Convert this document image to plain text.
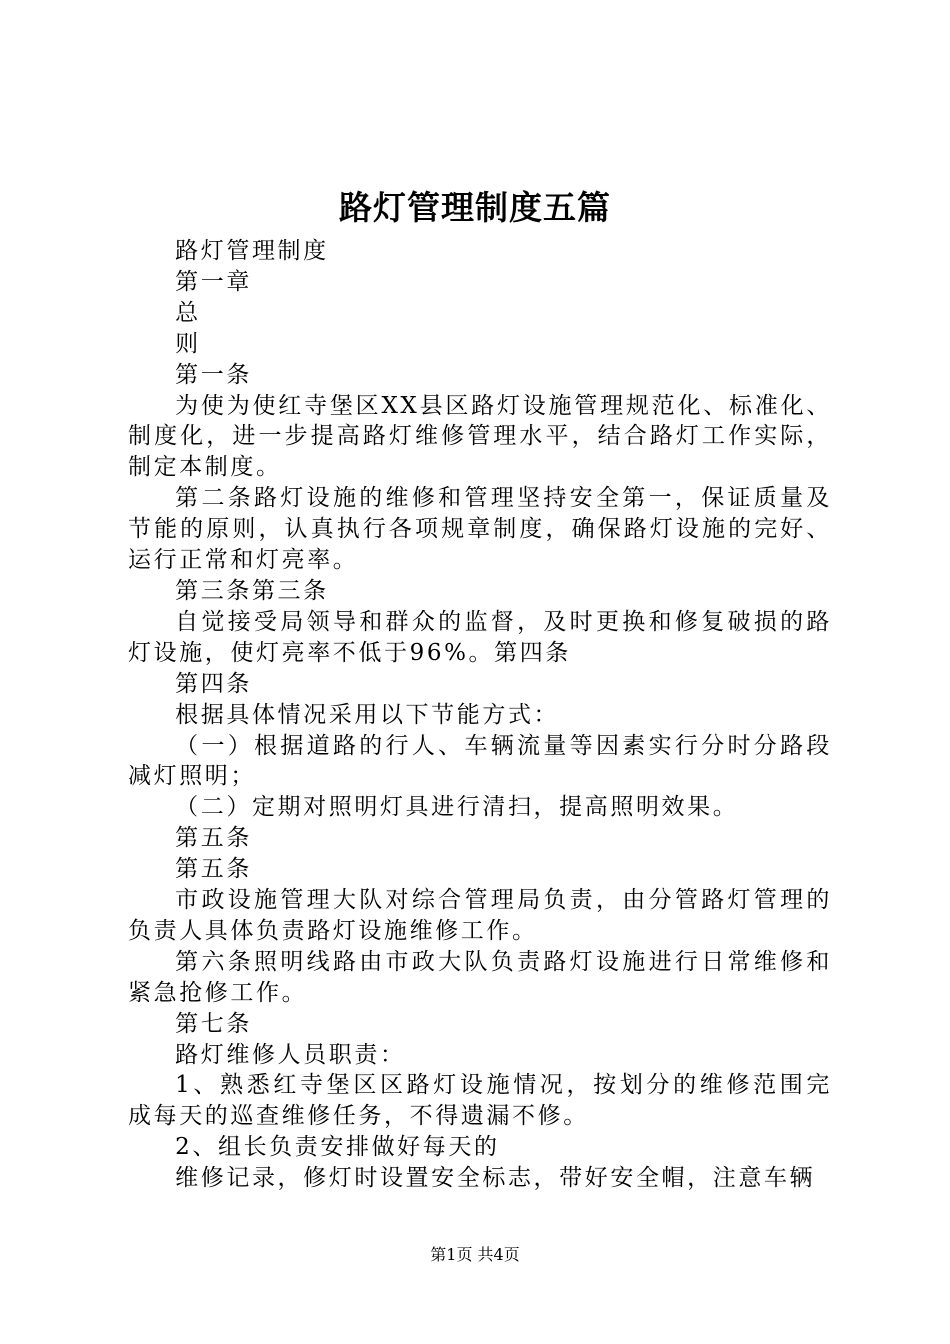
路灯管理制度五篇

路灯管理制度

第一章

总

则

第一条

为使为使红寺堡区XX县区路灯设施管理规范化、标准化、制度化，进一步提高路灯维修管理水平，结合路灯工作实际，制定本制度。

第二条路灯设施的维修和管理坚持安全第一，保证质量及节能的原则，认真执行各项规章制度，确保路灯设施的完好、运行正常和灯亮率。

第三条第三条

自觉接受局领导和群众的监督，及时更换和修复破损的路灯设施，使灯亮率不低于96%。第四条

第四条

根据具体情况采用以下节能方式：

（一）根据道路的行人、车辆流量等因素实行分时分路段减灯照明；

（二）定期对照明灯具进行清扫，提高照明效果。

第五条

第五条

市政设施管理大队对综合管理局负责，由分管路灯管理的负责人具体负责路灯设施维修工作。

第六条照明线路由市政大队负责路灯设施进行日常维修和紧急抢修工作。

第七条

路灯维修人员职责：

1、熟悉红寺堡区区路灯设施情况，按划分的维修范围完成每天的巡查维修任务，不得遗漏不修。

2、组长负责安排做好每天的

维修记录，修灯时设置安全标志，带好安全帽，注意车辆

第1页 共4页
